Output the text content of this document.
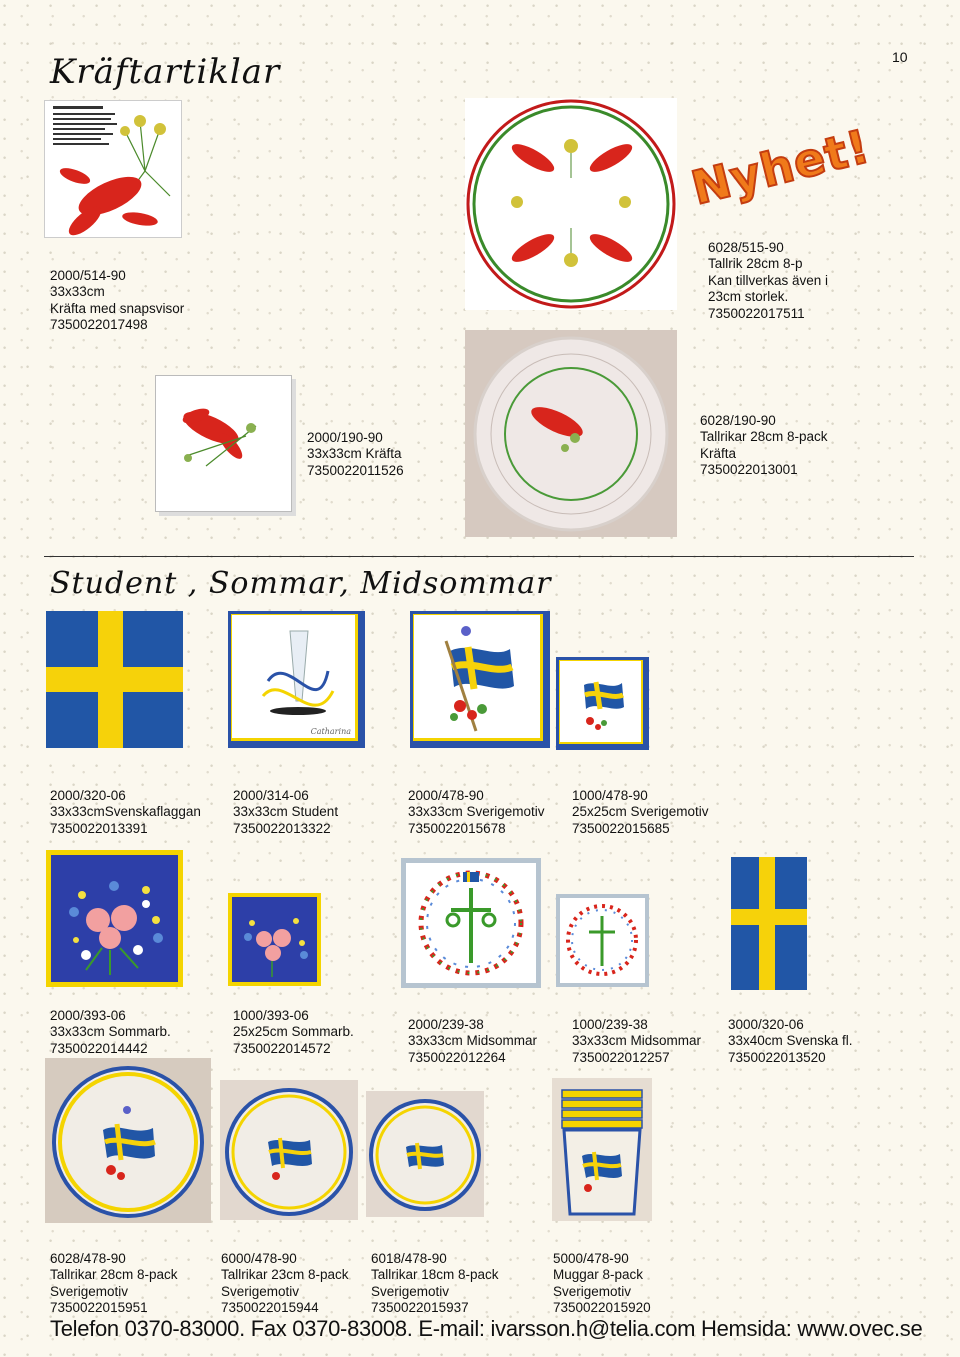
10
Kräftartiklar
Nyhet!

2000/514-90
33x33cm
Kräfta med snapsvisor
7350022017498

6028/515-90
Tallrik 28cm 8-p
Kan tillverkas även i
23cm storlek.
7350022017511

2000/190-90
33x33cm Kräfta
7350022011526

6028/190-90
Tallrikar 28cm 8-pack
Kräfta
7350022013001

Student , Sommar, Midsommar

2000/320-06
33x33cmSvenskaflaggan
7350022013391

Catharina

2000/314-06
33x33cm Student
7350022013322

2000/478-90
33x33cm Sverigemotiv
7350022015678

1000/478-90
25x25cm Sverigemotiv
7350022015685

2000/393-06
33x33cm Sommarb.
7350022014442

1000/393-06
25x25cm Sommarb.
7350022014572

2000/239-38
33x33cm Midsommar
7350022012264

1000/239-38
33x33cm Midsommar
7350022012257

3000/320-06
33x40cm Svenska fl.
7350022013520

6028/478-90
Tallrikar 28cm 8-pack
Sverigemotiv
7350022015951

6000/478-90
Tallrikar 23cm 8-pack
Sverigemotiv
7350022015944

6018/478-90
Tallrikar 18cm 8-pack
Sverigemotiv
7350022015937

5000/478-90
Muggar 8-pack
Sverigemotiv
7350022015920

Telefon 0370-83000. Fax 0370-83008. E-mail: ivarsson.h@telia.com Hemsida: www.ovec.se
